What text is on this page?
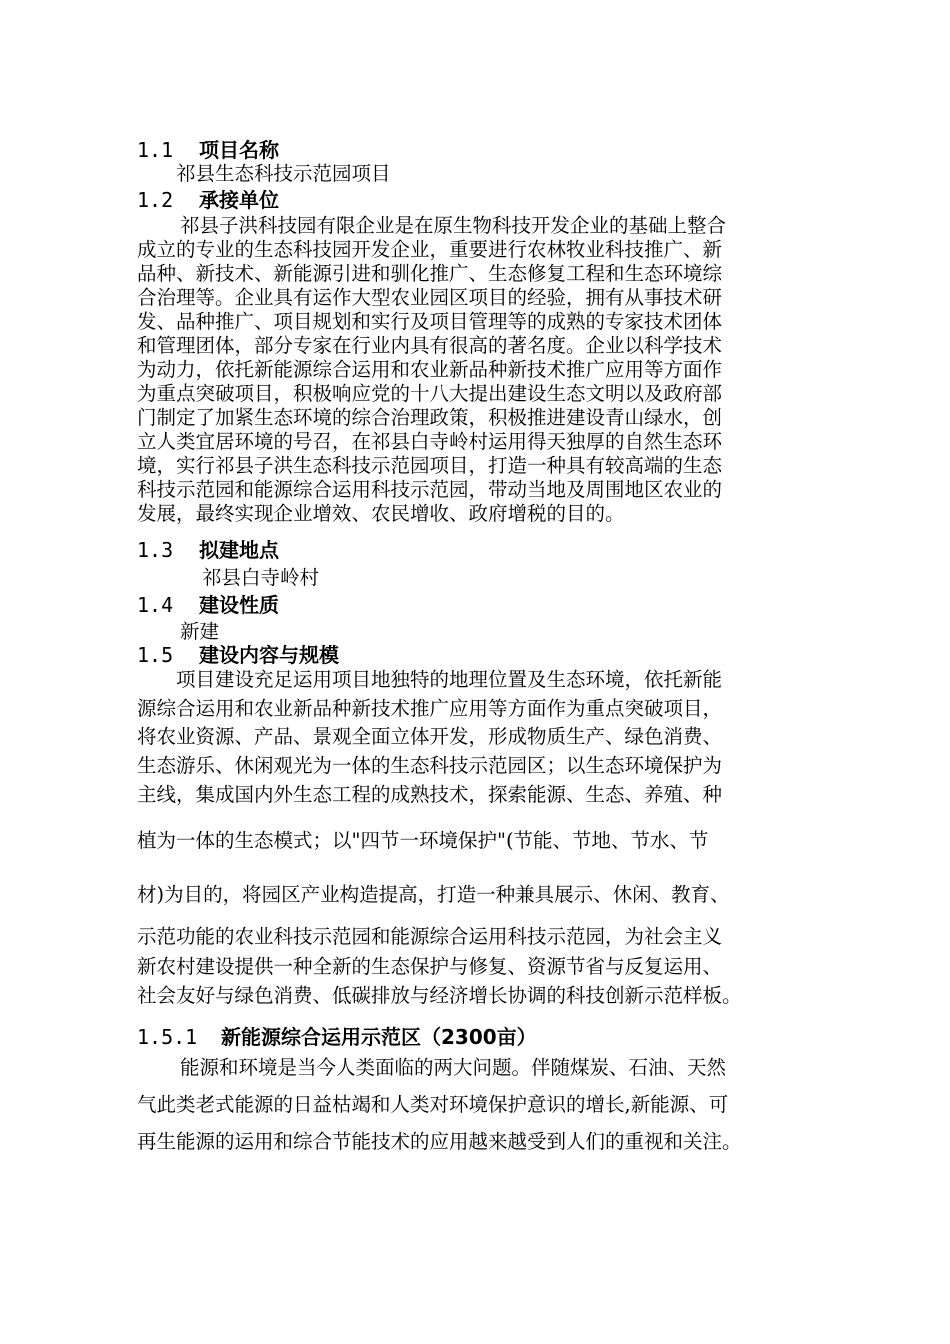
1.1 项目名称
祁县生态科技示范园项目
1.2 承接单位
祁县子洪科技园有限企业是在原生物科技开发企业的基础上整合
成立的专业的生态科技园开发企业，重要进行农林牧业科技推广、新
品种、新技术、新能源引进和驯化推广、生态修复工程和生态环境综
合治理等。企业具有运作大型农业园区项目的经验，拥有从事技术研
发、品种推广、项目规划和实行及项目管理等的成熟的专家技术团体
和管理团体，部分专家在行业内具有很高的著名度。企业以科学技术
为动力，依托新能源综合运用和农业新品种新技术推广应用等方面作
为重点突破项目，积极响应党的十八大提出建设生态文明以及政府部
门制定了加紧生态环境的综合治理政策，积极推进建设青山绿水，创
立人类宜居环境的号召，在祁县白寺岭村运用得天独厚的自然生态环
境，实行祁县子洪生态科技示范园项目，打造一种具有较高端的生态
科技示范园和能源综合运用科技示范园，带动当地及周围地区农业的
发展，最终实现企业增效、农民增收、政府增税的目的。
1.3 拟建地点
祁县白寺岭村
1.4 建设性质
新建
1.5 建设内容与规模
项目建设充足运用项目地独特的地理位置及生态环境，依托新能
源综合运用和农业新品种新技术推广应用等方面作为重点突破项目，
将农业资源、产品、景观全面立体开发，形成物质生产、绿色消费、
生态游乐、休闲观光为一体的生态科技示范园区；以生态环境保护为
主线，集成国内外生态工程的成熟技术，探索能源、生态、养殖、种
植为一体的生态模式；以"四节一环境保护"(节能、节地、节水、节
材)为目的，将园区产业构造提高，打造一种兼具展示、休闲、教育、
示范功能的农业科技示范园和能源综合运用科技示范园，为社会主义
新农村建设提供一种全新的生态保护与修复、资源节省与反复运用、
社会友好与绿色消费、低碳排放与经济增长协调的科技创新示范样板。
1.5.1 新能源综合运用示范区（2300亩）
能源和环境是当今人类面临的两大问题。伴随煤炭、石油、天然
气此类老式能源的日益枯竭和人类对环境保护意识的增长,新能源、可
再生能源的运用和综合节能技术的应用越来越受到人们的重视和关注。
